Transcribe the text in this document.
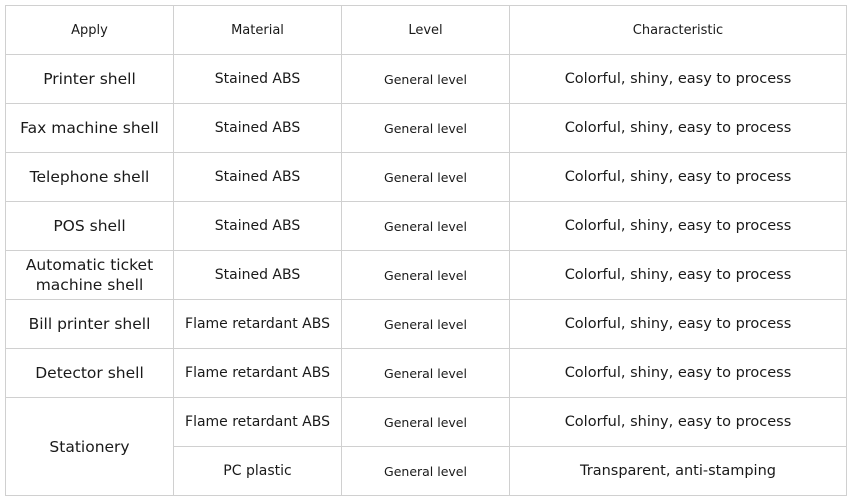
Apply	Material	Level	Characteristic
Printer shell	Stained ABS	General level	Colorful, shiny, easy to process
Fax machine shell	Stained ABS	General level	Colorful, shiny, easy to process
Telephone shell	Stained ABS	General level	Colorful, shiny, easy to process
POS shell	Stained ABS	General level	Colorful, shiny, easy to process
Automatic ticket machine shell	Stained ABS	General level	Colorful, shiny, easy to process
Bill printer shell	Flame retardant ABS	General level	Colorful, shiny, easy to process
Detector shell	Flame retardant ABS	General level	Colorful, shiny, easy to process
Stationery	Flame retardant ABS	General level	Colorful, shiny, easy to process
	PC plastic	General level	Transparent, anti-stamping
